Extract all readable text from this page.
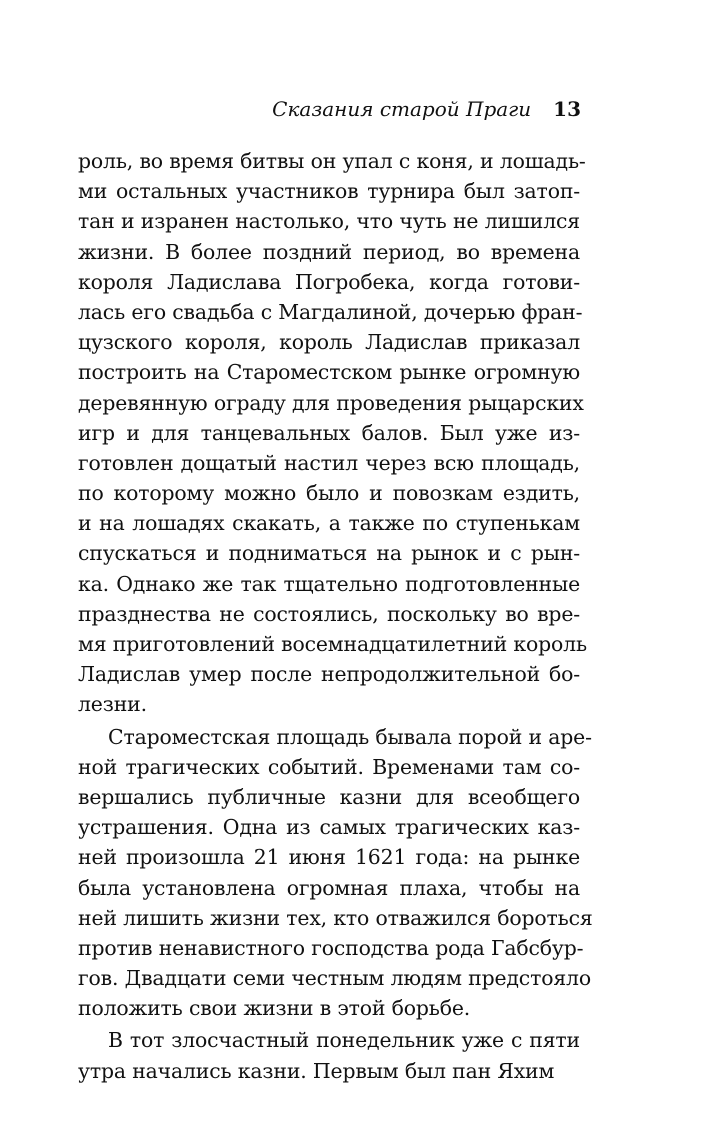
Сказания старой Праги 13
роль, во время битвы он упал с коня, и лошадь-
ми остальных участников турнира был затоп-
тан и изранен настолько, что чуть не лишился
жизни. В более поздний период, во времена
короля Ладислава Погробека, когда готови-
лась его свадьба с Магдалиной, дочерью фран-
цузского короля, король Ладислав приказал
построить на Староместском рынке огромную
деревянную ограду для проведения рыцарских
игр и для танцевальных балов. Был уже из-
готовлен дощатый настил через всю площадь,
по которому можно было и повозкам ездить,
и на лошадях скакать, а также по ступенькам
спускаться и подниматься на рынок и с рын-
ка. Однако же так тщательно подготовленные
празднества не состоялись, поскольку во вре-
мя приготовлений восемнадцатилетний король
Ладислав умер после непродолжительной бо-
лезни.
Староместская площадь бывала порой и аре-
ной трагических событий. Временами там со-
вершались публичные казни для всеобщего
устрашения. Одна из самых трагических каз-
ней произошла 21 июня 1621 года: на рынке
была установлена огромная плаха, чтобы на
ней лишить жизни тех, кто отважился бороться
против ненавистного господства рода Габсбур-
гов. Двадцати семи честным людям предстояло
положить свои жизни в этой борьбе.
В тот злосчастный понедельник уже с пяти
утра начались казни. Первым был пан Яхим
